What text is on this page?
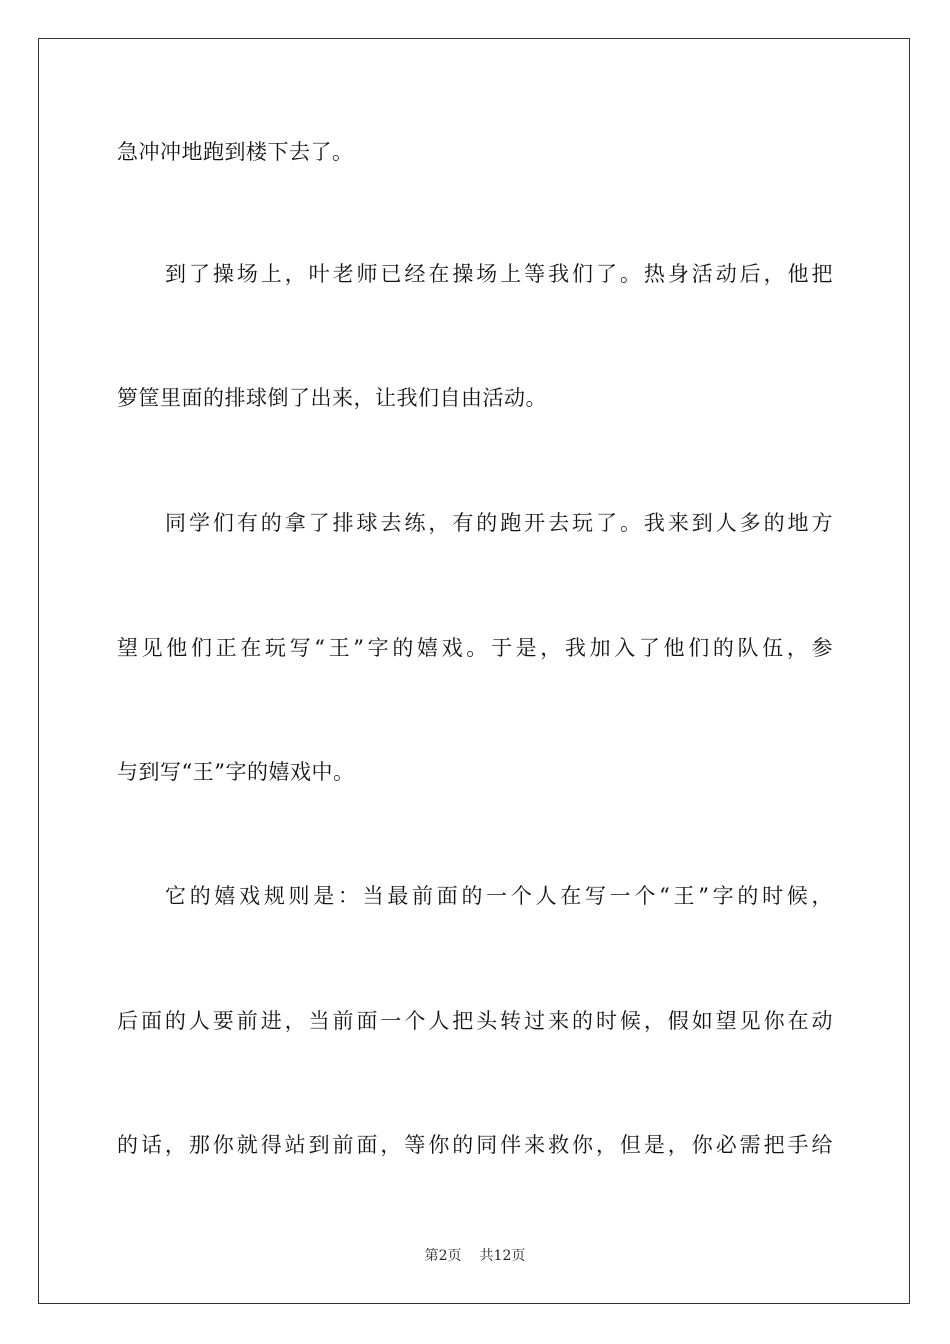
急冲冲地跑到楼下去了。
到了操场上，叶老师已经在操场上等我们了。热身活动后，他把
箩筐里面的排球倒了出来，让我们自由活动。
同学们有的拿了排球去练，有的跑开去玩了。我来到人多的地方
望见他们正在玩写“王”字的嬉戏。于是，我加入了他们的队伍，参
与到写“王”字的嬉戏中。
它的嬉戏规则是：当最前面的一个人在写一个“王”字的时候，
后面的人要前进，当前面一个人把头转过来的时候，假如望见你在动
的话，那你就得站到前面，等你的同伴来救你，但是，你必需把手给
第2页 共12页
